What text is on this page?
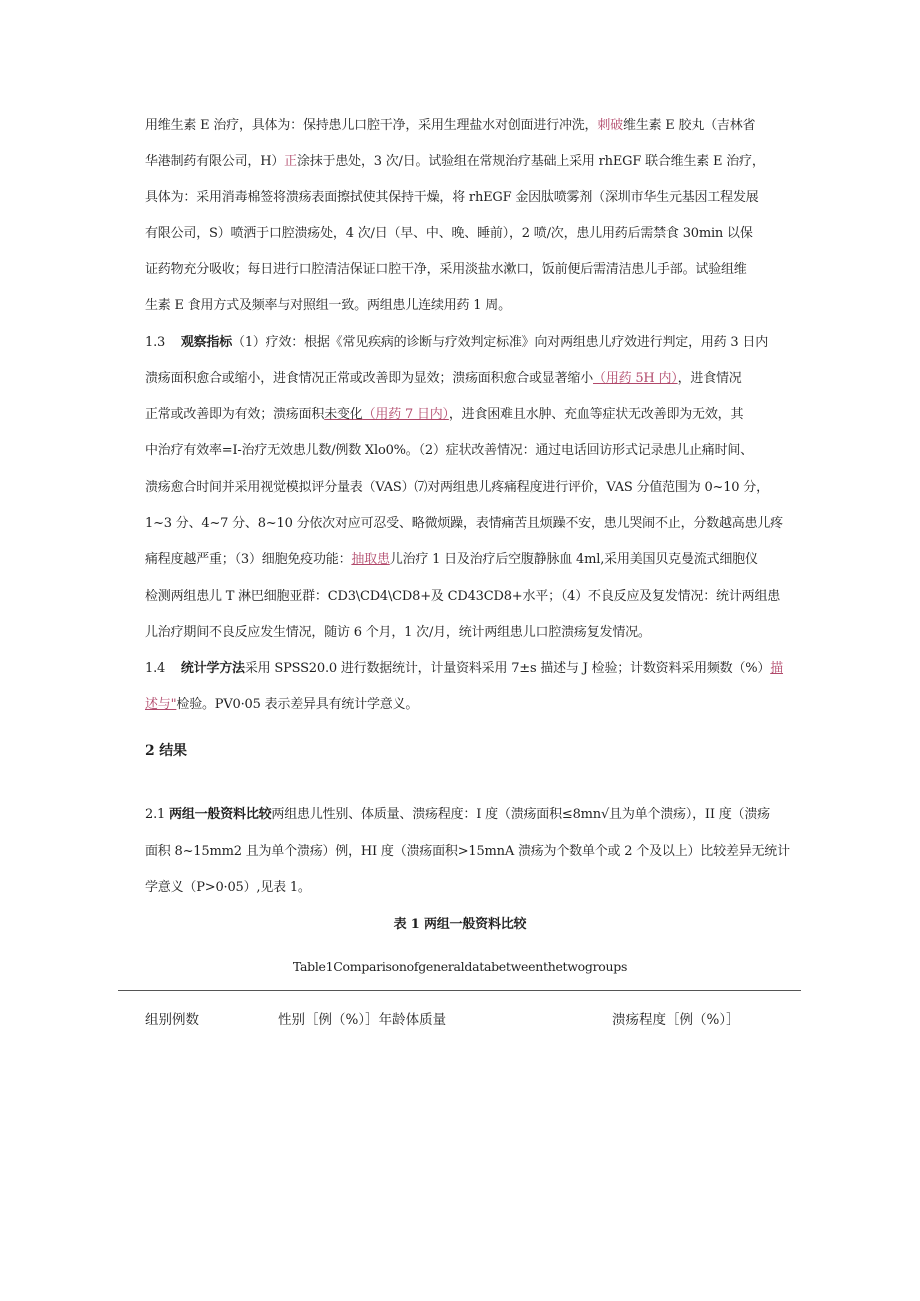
用维生素 E 治疗，具体为：保持患儿口腔干净，采用生理盐水对创面进行冲洗，刺破维生素 E 胶丸（吉林省
华港制药有限公司，H）正涂抹于患处，3 次/日。试验组在常规治疗基础上采用 rhEGF 联合维生素 E 治疗，
具体为：采用消毒棉签将溃疡表面擦拭使其保持干燥，将 rhEGF 金因肽喷雾剂（深圳市华生元基因工程发展
有限公司，S）喷洒于口腔溃疡处，4 次/日（早、中、晚、睡前），2 喷/次，患儿用药后需禁食 30min 以保
证药物充分吸收；每日进行口腔清洁保证口腔干净，采用淡盐水漱口，饭前便后需清洁患儿手部。试验组维
生素 E 食用方式及频率与对照组一致。两组患儿连续用药 1 周。
1.3 观察指标（1）疗效：根据《常见疾病的诊断与疗效判定标准》向对两组患儿疗效进行判定，用药 3 日内
溃疡面积愈合或缩小，进食情况正常或改善即为显效；溃疡面积愈合或显著缩小（用药 5H 内），进食情况
正常或改善即为有效；溃疡面积未变化（用药 7 日内），进食困难且水肿、充血等症状无改善即为无效，其
中治疗有效率=I-治疗无效患儿数/例数 Xlo0%。（2）症状改善情况：通过电话回访形式记录患儿止痛时间、
溃疡愈合时间并采用视觉模拟评分量表（VAS）⑺对两组患儿疼痛程度进行评价，VAS 分值范围为 0~10 分，
1~3 分、4~7 分、8~10 分依次对应可忍受、略微烦躁，表情痛苦且烦躁不安，患儿哭闹不止，分数越高患儿疼
痛程度越严重；（3）细胞免疫功能：抽取患儿治疗 1 日及治疗后空腹静脉血 4ml,采用美国贝克曼流式细胞仪
检测两组患儿 T 淋巴细胞亚群：CD3\CD4\CD8+及 CD43CD8+水平；（4）不良反应及复发情况：统计两组患
儿治疗期间不良反应发生情况，随访 6 个月，1 次/月，统计两组患儿口腔溃疡复发情况。
1.4 统计学方法采用 SPSS20.0 进行数据统计，计量资料采用 7±s 描述与 J 检验；计数资料采用频数（%）描
述与"检验。PV0·05 表示差异具有统计学意义。
2 结果
2.1 两组一般资料比较两组患儿性别、体质量、溃疡程度：I 度（溃疡面积≤8mn√且为单个溃疡），II 度（溃疡
面积 8~15mm2 且为单个溃疡）例，HI 度（溃疡面积>15mnA 溃疡为个数单个或 2 个及以上）比较差异无统计
学意义（P>0·05）,见表 1。
表 1 两组一般资料比较
Table1Comparisonofgeneraldatabetweenthetwogroups
组别例数	性别［例（%）］年龄体质量	溃疡程度［例（%）］
